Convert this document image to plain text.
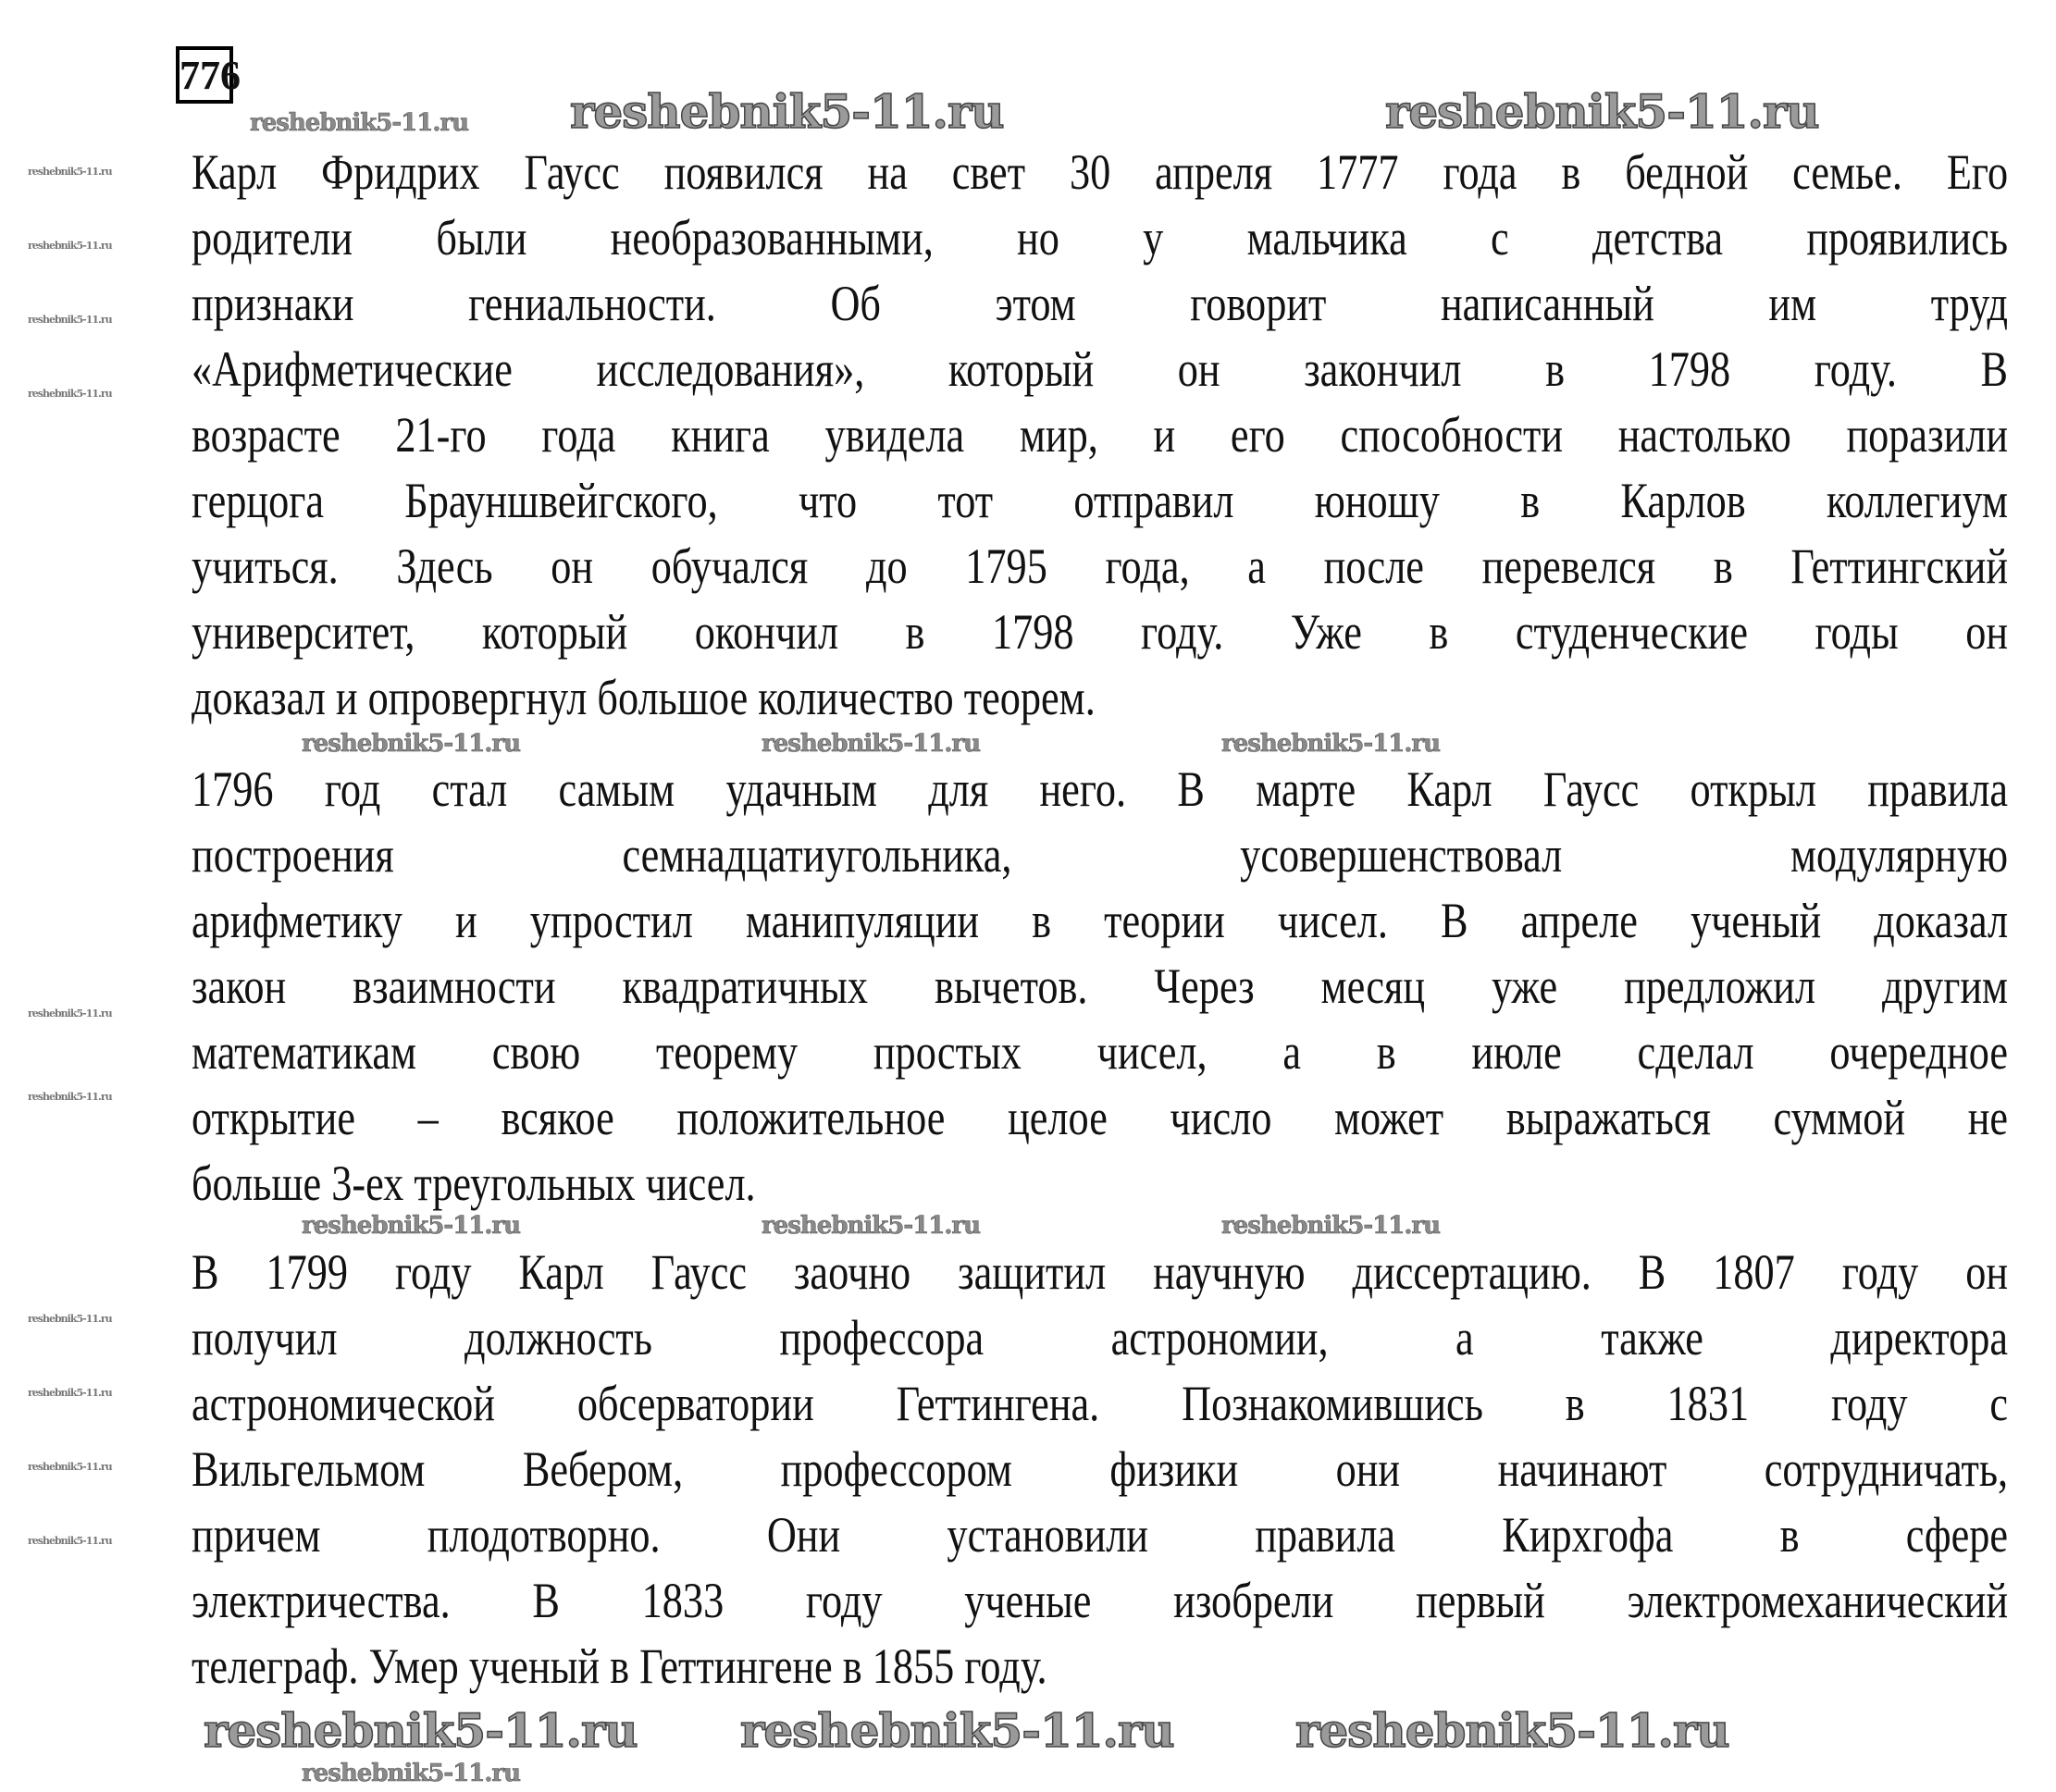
776
Карл Фридрих Гаусс появился на свет 30 апреля 1777 года в бедной семье. Его
родители были необразованными, но у мальчика с детства проявились
признаки гениальности. Об этом говорит написанный им труд
«Арифметические исследования», который он закончил в 1798 году. В
возрасте 21-го года книга увидела мир, и его способности настолько поразили
герцога Брауншвейгского, что тот отправил юношу в Карлов коллегиум
учиться. Здесь он обучался до 1795 года, а после перевелся в Геттингский
университет, который окончил в 1798 году. Уже в студенческие годы он
доказал и опровергнул большое количество теорем.
1796 год стал самым удачным для него. В марте Карл Гаусс открыл правила
построения семнадцатиугольника, усовершенствовал модулярную
арифметику и упростил манипуляции в теории чисел. В апреле ученый доказал
закон взаимности квадратичных вычетов. Через месяц уже предложил другим
математикам свою теорему простых чисел, а в июле сделал очередное
открытие – всякое положительное целое число может выражаться суммой не
больше 3-ех треугольных чисел.
В 1799 году Карл Гаусс заочно защитил научную диссертацию. В 1807 году он
получил должность профессора астрономии, а также директора
астрономической обсерватории Геттингена. Познакомившись в 1831 году с
Вильгельмом Вебером, профессором физики они начинают сотрудничать,
причем плодотворно. Они установили правила Кирхгофа в сфере
электричества. В 1833 году ученые изобрели первый электромеханический
телеграф. Умер ученый в Геттингене в 1855 году.
reshebnik5-11.ru	reshebnik5-11.ru
reshebnik5-11.ru reshebnik5-11.ru	reshebnik5-11.ru
reshebnik5-11.ru
reshebnik5-11.ru	reshebnik5-11.ru	reshebnik5-11.ru
reshebnik5-11.ru	reshebnik5-11.ru	reshebnik5-11.ru
reshebnik5-11.ru
reshebnik5-11.ru
reshebnik5-11.ru
reshebnik5-11.ru
reshebnik5-11.ru
reshebnik5-11.ru
reshebnik5-11.ru
reshebnik5-11.ru
reshebnik5-11.ru
reshebnik5-11.ru
reshebnik5-11.ru
